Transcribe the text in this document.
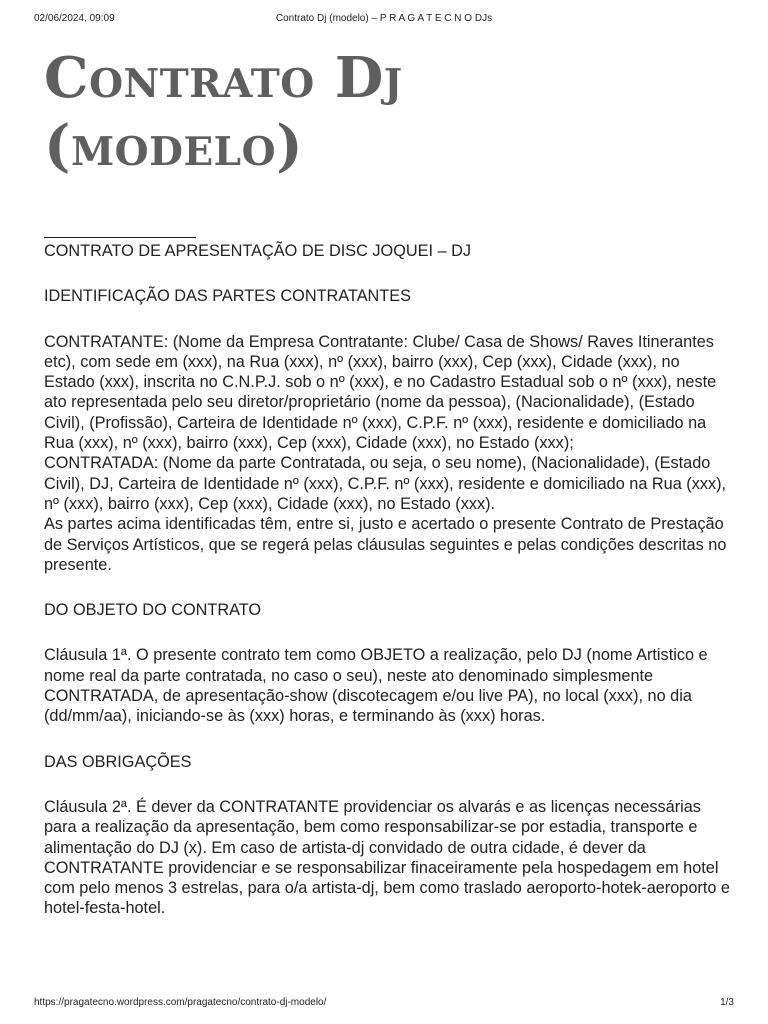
02/06/2024, 09:09	Contrato Dj (modelo) – P R A G A T E C N O DJs
Contrato Dj
(modelo)

CONTRATO DE APRESENTAÇÃO DE DISC JOQUEI – DJ

IDENTIFICAÇÃO DAS PARTES CONTRATANTES

CONTRATANTE: (Nome da Empresa Contratante: Clube/ Casa de Shows/ Raves Itinerantes etc), com sede em (xxx), na Rua (xxx), nº (xxx), bairro (xxx), Cep (xxx), Cidade (xxx), no Estado (xxx), inscrita no C.N.P.J. sob o nº (xxx), e no Cadastro Estadual sob o nº (xxx), neste ato representada pelo seu diretor/proprietário (nome da pessoa), (Nacionalidade), (Estado Civil), (Profissão), Carteira de Identidade nº (xxx), C.P.F. nº (xxx), residente e domiciliado na Rua (xxx), nº (xxx), bairro (xxx), Cep (xxx), Cidade (xxx), no Estado (xxx);

CONTRATADA: (Nome da parte Contratada, ou seja, o seu nome), (Nacionalidade), (Estado Civil), DJ, Carteira de Identidade nº (xxx), C.P.F. nº (xxx), residente e domiciliado na Rua (xxx), nº (xxx), bairro (xxx), Cep (xxx), Cidade (xxx), no Estado (xxx).

As partes acima identificadas têm, entre si, justo e acertado o presente Contrato de Prestação de Serviços Artísticos, que se regerá pelas cláusulas seguintes e pelas condições descritas no presente.

DO OBJETO DO CONTRATO

Cláusula 1ª. O presente contrato tem como OBJETO a realização, pelo DJ (nome Artistico e nome real da parte contratada, no caso o seu), neste ato denominado simplesmente CONTRATADA, de apresentação-show (discotecagem e/ou live PA), no local (xxx), no dia (dd/mm/aa), iniciando-se às (xxx) horas, e terminando às (xxx) horas.

DAS OBRIGAÇÕES

Cláusula 2ª. É dever da CONTRATANTE providenciar os alvarás e as licenças necessárias para a realização da apresentação, bem como responsabilizar-se por estadia, transporte e alimentação do DJ (x). Em caso de artista-dj convidado de outra cidade, é dever da CONTRATANTE providenciar e se responsabilizar finaceiramente pela hospedagem em hotel com pelo menos 3 estrelas, para o/a artista-dj, bem como traslado aeroporto-hotek-aeroporto e hotel-festa-hotel.

https://pragatecno.wordpress.com/pragatecno/contrato-dj-modelo/	1/3
